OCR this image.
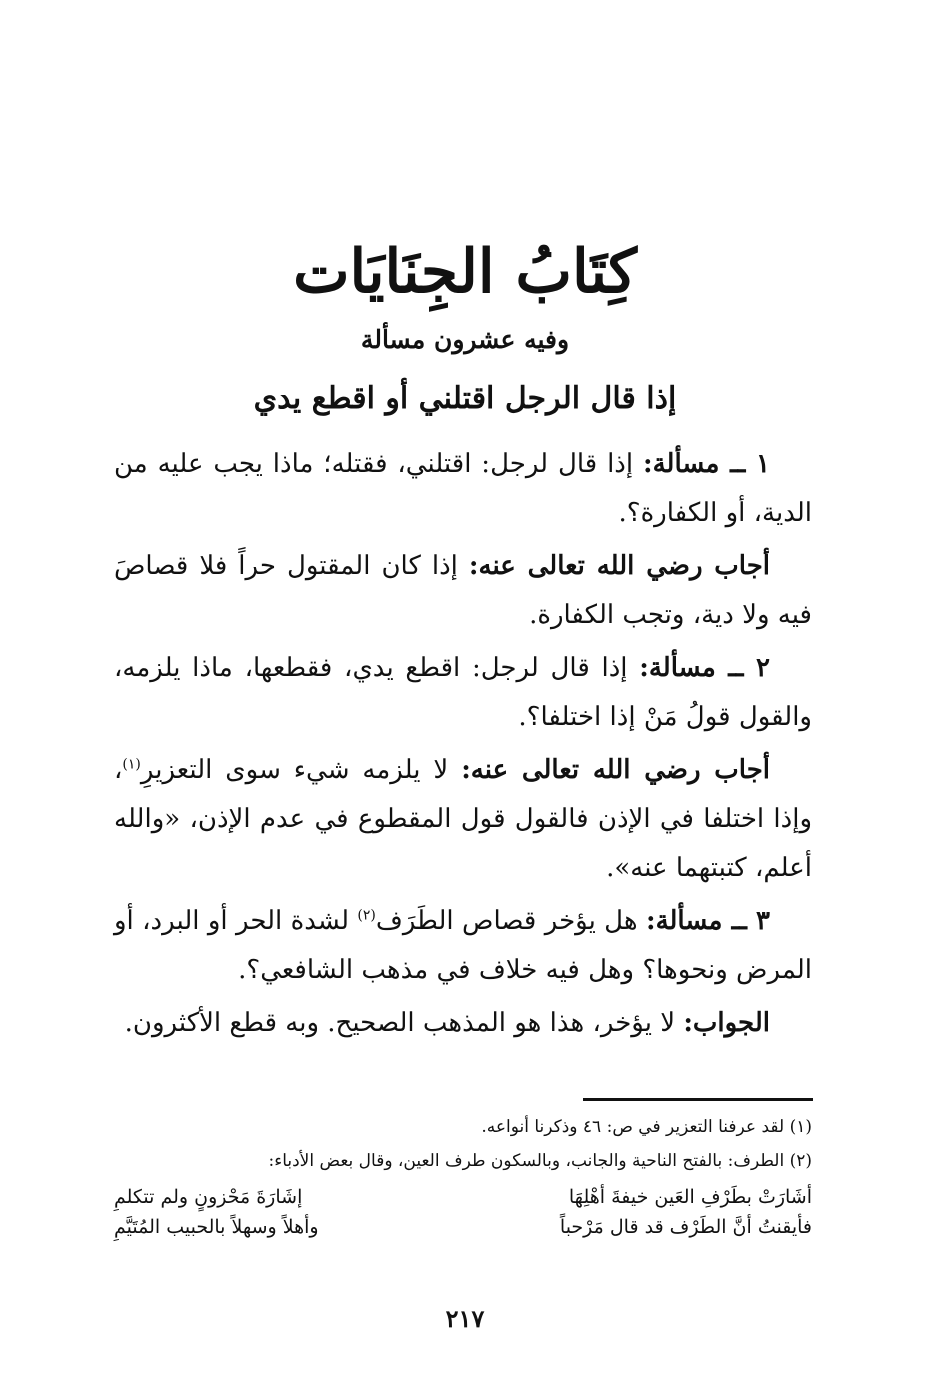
كِتَابُ الجِنَايَات
وفيه عشرون مسألة
إذا قال الرجل اقتلني أو اقطع يدي

١ ــ مسألة: إذا قال لرجل: اقتلني، فقتله؛ ماذا يجب عليه من الدية، أو الكفارة؟.

أجاب رضي الله تعالى عنه: إذا كان المقتول حراً فلا قصاصَ فيه ولا دية، وتجب الكفارة.

٢ ــ مسألة: إذا قال لرجل: اقطع يدي، فقطعها، ماذا يلزمه، والقول قولُ مَنْ إذا اختلفا؟.

أجاب رضي الله تعالى عنه: لا يلزمه شيء سوى التعزيرِ$^{(١)}$، وإذا اختلفا في الإذن فالقول قول المقطوع في عدم الإذن، «والله أعلم، كتبتهما عنه».

٣ ــ مسألة: هل يؤخر قصاص الطَرَف$^{(٢)}$ لشدة الحر أو البرد، أو المرض ونحوها؟ وهل فيه خلاف في مذهب الشافعي؟.

الجواب: لا يؤخر، هذا هو المذهب الصحيح. وبه قطع الأكثرون.

(١) لقد عرفنا التعزير في ص: ٤٦ وذكرنا أنواعه.

(٢) الطرف: بالفتح الناحية والجانب، وبالسكون طرف العين، وقال بعض الأدباء:

أشَارَتْ بطَرْفِ العَين خيفةَ أهْلِهَا
إشَارَةَ مَحْزونٍ ولم تتكلمِ
فأيقنتُ أنَّ الطَرْف قد قال مَرْحباً
وأهلاً وسهلاً بالحبيب المُتَيَّمِ
٢١٧
